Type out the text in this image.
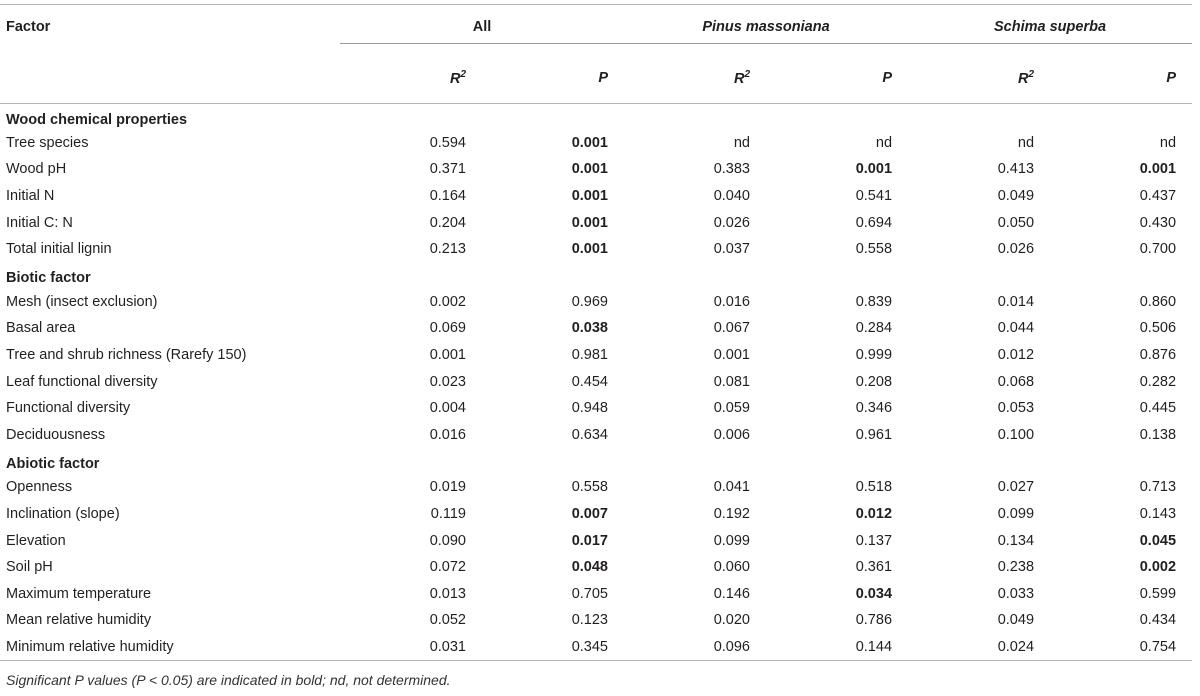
Factor	All		Pinus massoniana		Schima superba	

	$R^2$	P	$R^2$	P	$R^2$	P
Wood chemical properties						
Tree species	0.594	0.001	nd	nd	nd	nd
Wood pH	0.371	0.001	0.383	0.001	0.413	0.001
Initial N	0.164	0.001	0.040	0.541	0.049	0.437
Initial C: N	0.204	0.001	0.026	0.694	0.050	0.430
Total initial lignin	0.213	0.001	0.037	0.558	0.026	0.700
Biotic factor						
Mesh (insect exclusion)	0.002	0.969	0.016	0.839	0.014	0.860
Basal area	0.069	0.038	0.067	0.284	0.044	0.506
Tree and shrub richness (Rarefy 150)	0.001	0.981	0.001	0.999	0.012	0.876
Leaf functional diversity	0.023	0.454	0.081	0.208	0.068	0.282
Functional diversity	0.004	0.948	0.059	0.346	0.053	0.445
Deciduousness	0.016	0.634	0.006	0.961	0.100	0.138
Abiotic factor						
Openness	0.019	0.558	0.041	0.518	0.027	0.713
Inclination (slope)	0.119	0.007	0.192	0.012	0.099	0.143
Elevation	0.090	0.017	0.099	0.137	0.134	0.045
Soil pH	0.072	0.048	0.060	0.361	0.238	0.002
Maximum temperature	0.013	0.705	0.146	0.034	0.033	0.599
Mean relative humidity	0.052	0.123	0.020	0.786	0.049	0.434
Minimum relative humidity	0.031	0.345	0.096	0.144	0.024	0.754
Significant P values (P < 0.05) are indicated in bold; nd, not determined.
